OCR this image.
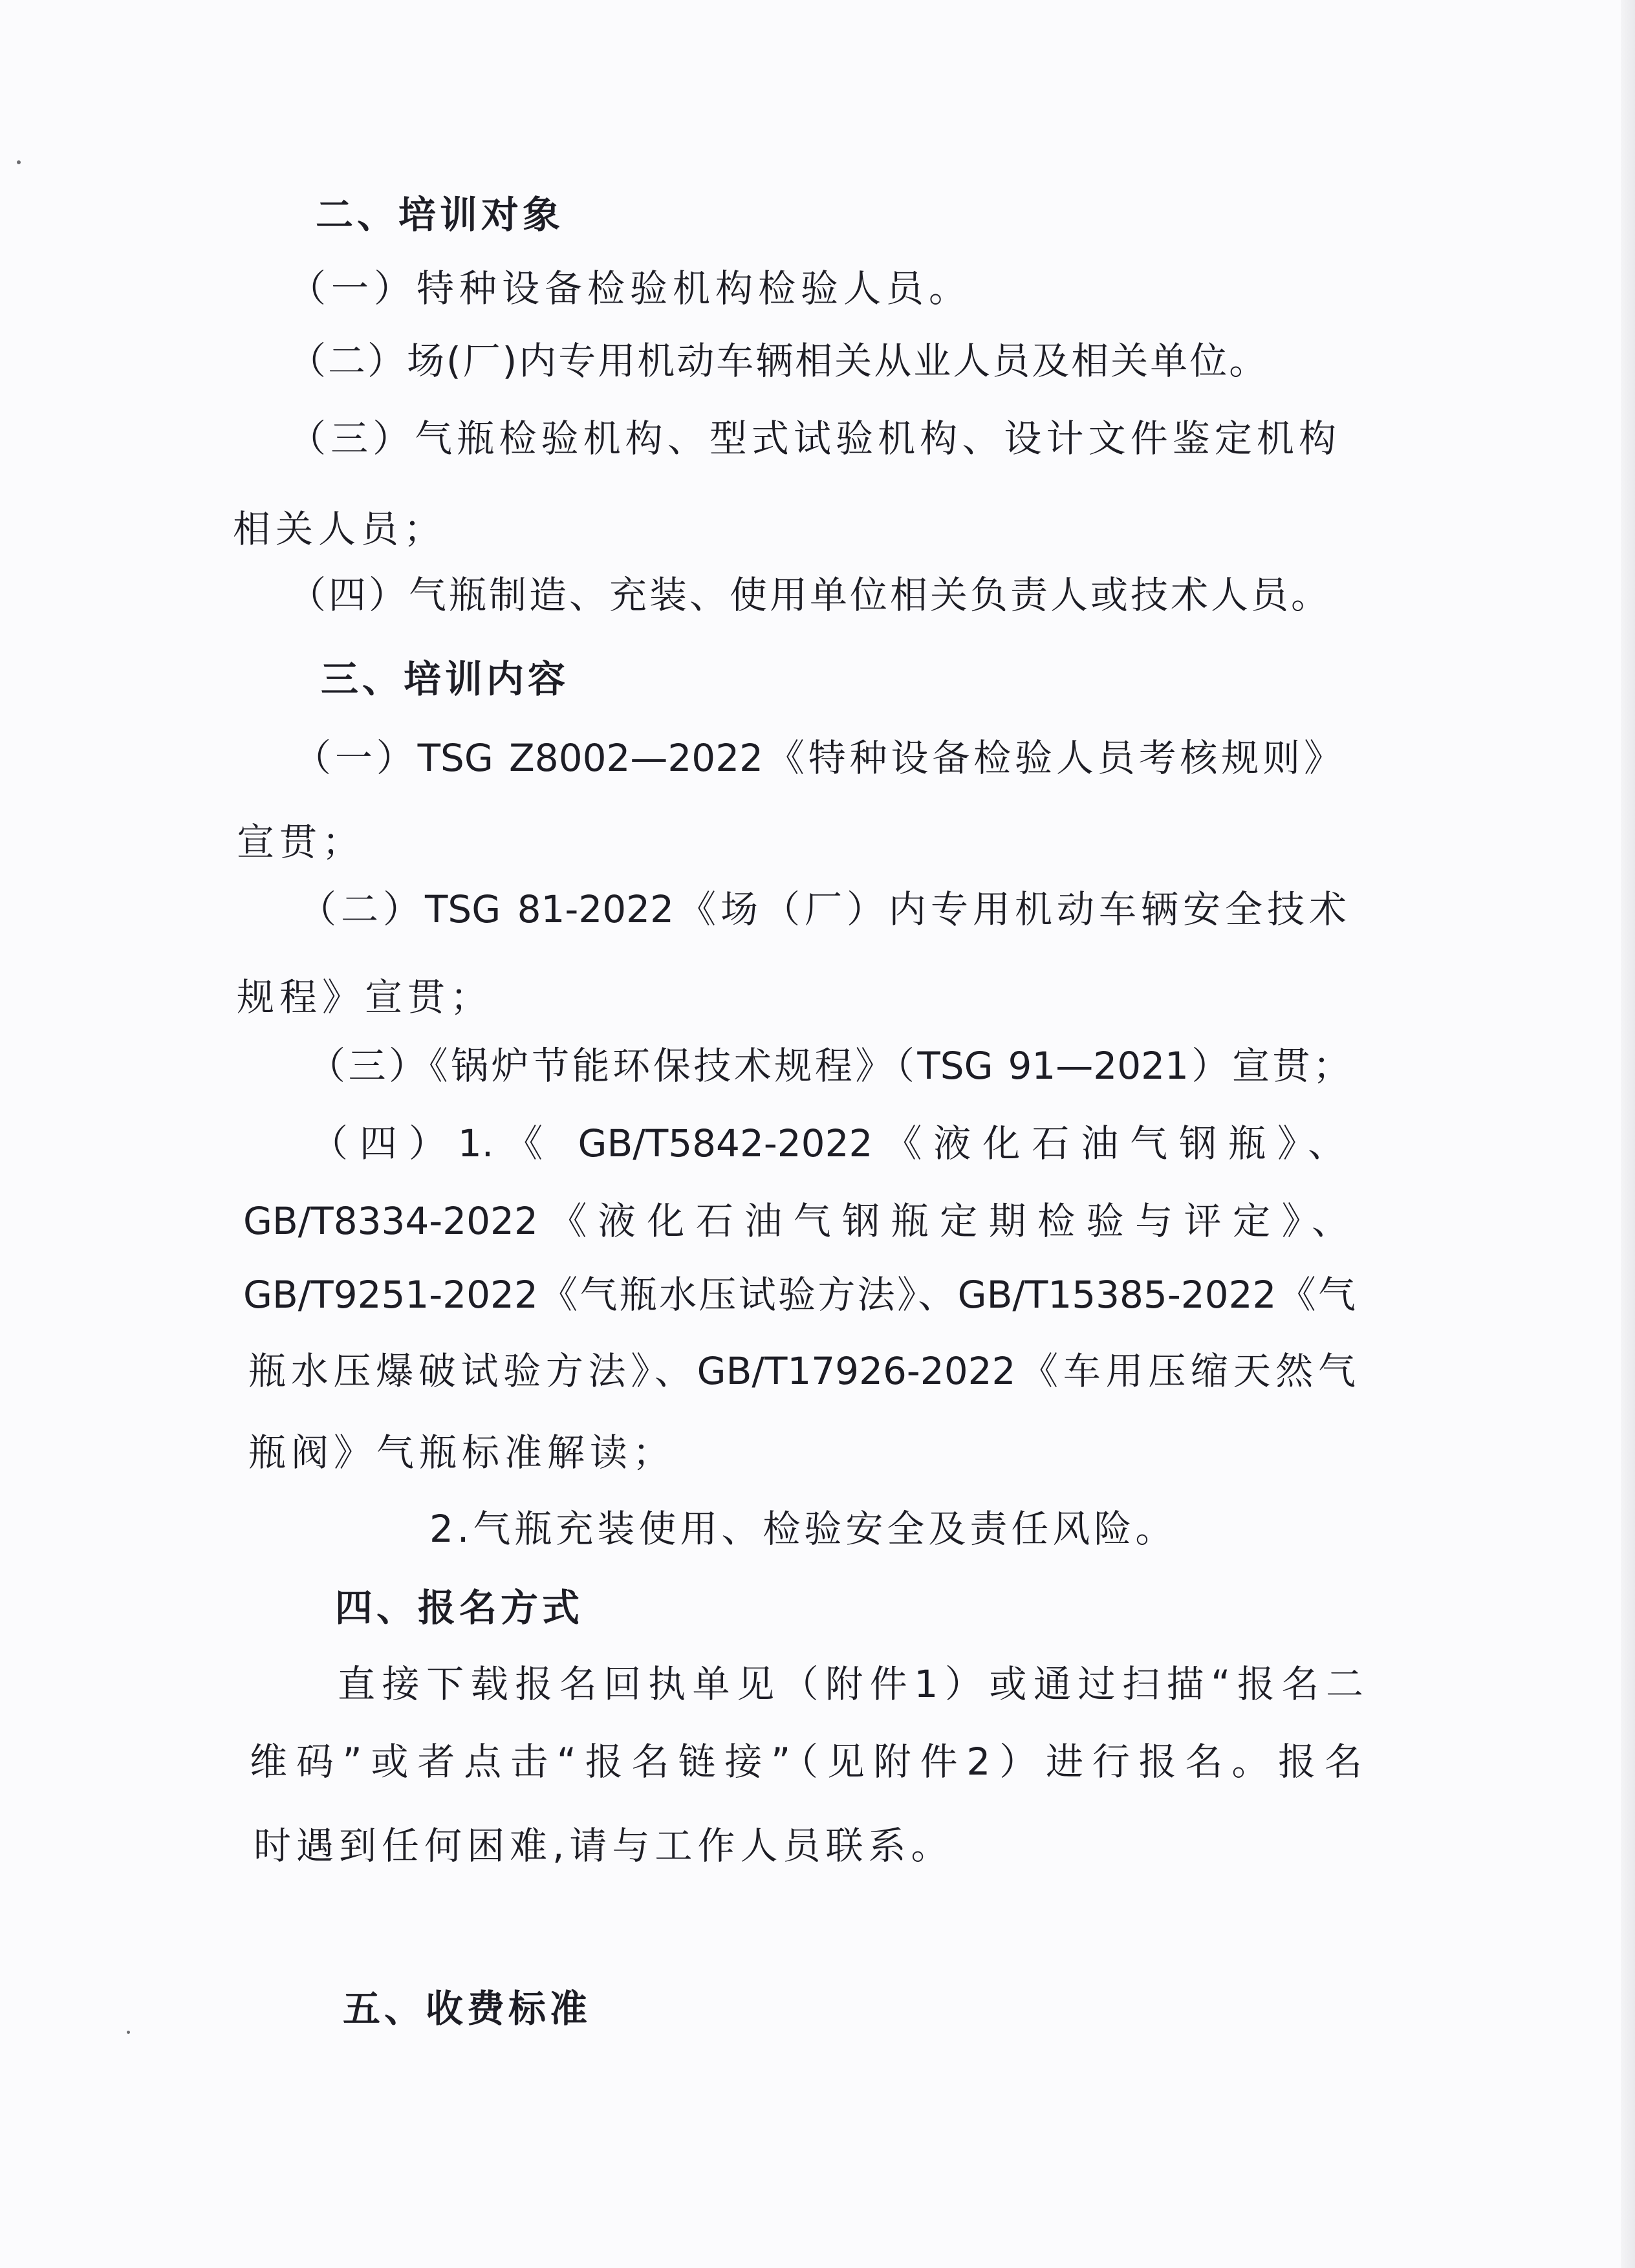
二、培训对象
（一）特种设备检验机构检验人员。
（二）场(厂)内专用机动车辆相关从业人员及相关单位。
（三）气瓶检验机构、型式试验机构、设计文件鉴定机构
相关人员；
（四）气瓶制造、充装、使用单位相关负责人或技术人员。
三、培训内容
（一）TSG Z8002—2022《特种设备检验人员考核规则》
宣贯；
（二）TSG 81-2022《场（厂）内专用机动车辆安全技术
规程》宣贯；
（三）《锅炉节能环保技术规程》（TSG 91—2021）宣贯；
（四）1.《 GB/T5842-2022《液化石油气钢瓶》、
GB/T8334-2022《液化石油气钢瓶定期检验与评定》、
GB/T9251-2022《气瓶水压试验方法》、GB/T15385-2022《气
瓶水压爆破试验方法》、GB/T17926-2022《车用压缩天然气
瓶阀》气瓶标准解读；
2.气瓶充装使用、检验安全及责任风险。
四、报名方式
直接下载报名回执单见（附件1）或通过扫描“报名二
维码”或者点击“报名链接”（见附件2）进行报名。报名
时遇到任何困难,请与工作人员联系。
五、收费标准
